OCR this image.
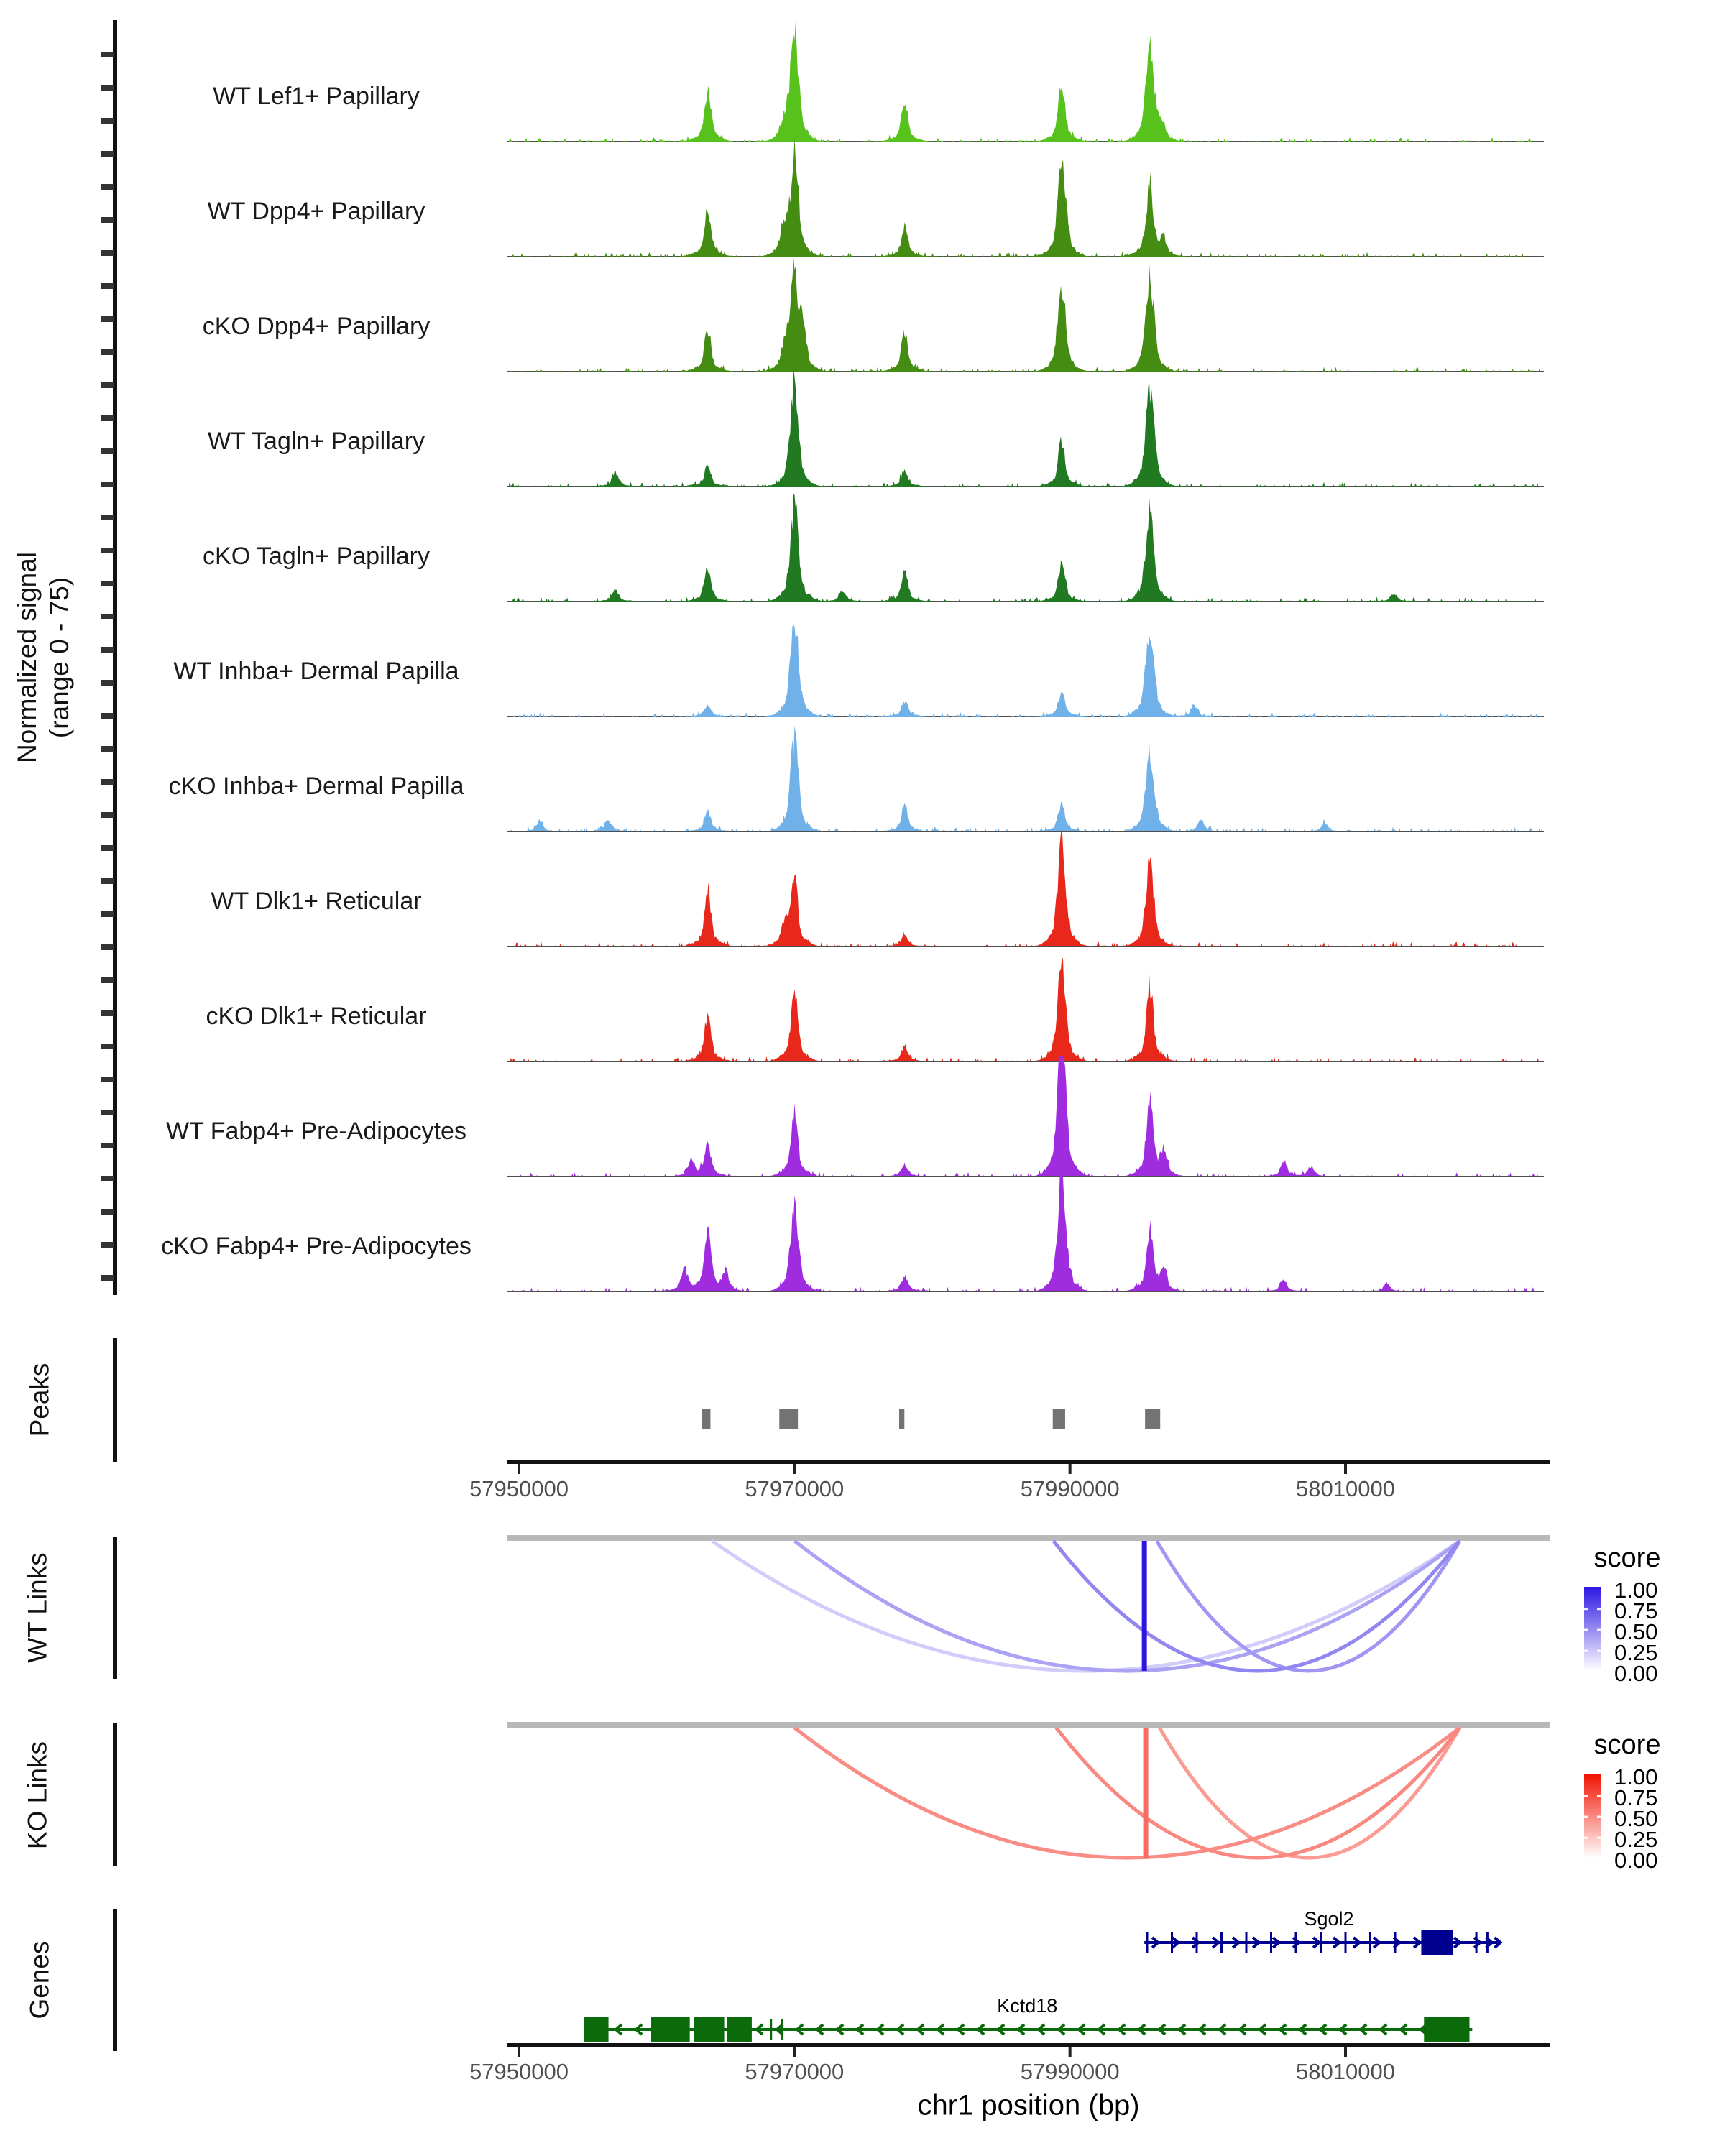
WT Lef1+ Papillary
WT Dpp4+ Papillary
cKO Dpp4+ Papillary
WT Tagln+ Papillary
cKO Tagln+ Papillary
WT Inhba+ Dermal Papilla
cKO Inhba+ Dermal Papilla
WT Dlk1+ Reticular
cKO Dlk1+ Reticular
WT Fabp4+ Pre-Adipocytes
cKO Fabp4+ Pre-Adipocytes
57950000	57970000	57990000	58010000
score
1.00
0.75
0.50
0.25
0.00
score
1.00
0.75
0.50
0.25
0.00
Sgol2
Kctd18
57950000	57970000	57990000	58010000
Normalized signal (range 0 - 75)
Peaks
WT Links
KO Links
Genes
chr1 position (bp)
